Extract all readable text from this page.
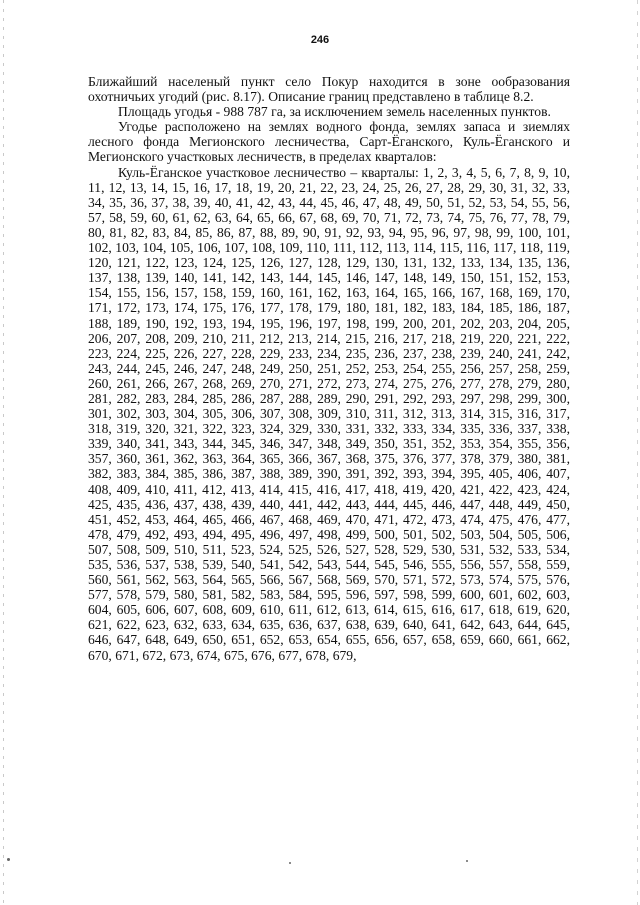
246

Ближайший населеный пункт село Покур находится в зоне ообразования охотничьих угодий (рис. 8.17). Описание границ представлено в таблице 8.2.

Площадь угодья - 988 787 га, за исключением земель населенных пунктов.

Угодье расположено на землях водного фонда, землях запаса и зиемлях лесного фонда Мегионского лесничества, Сарт-Ёганского, Куль-Ёганского и Мегионского участковых лесничеств, в пределах кварталов:

Куль-Ёганское участковое лесничество – кварталы: 1, 2, 3, 4, 5, 6, 7, 8, 9, 10, 11, 12, 13, 14, 15, 16, 17, 18, 19, 20, 21, 22, 23, 24, 25, 26, 27, 28, 29, 30, 31, 32, 33, 34, 35, 36, 37, 38, 39, 40, 41, 42, 43, 44, 45, 46, 47, 48, 49, 50, 51, 52, 53, 54, 55, 56, 57, 58, 59, 60, 61, 62, 63, 64, 65, 66, 67, 68, 69, 70, 71, 72, 73, 74, 75, 76, 77, 78, 79, 80, 81, 82, 83, 84, 85, 86, 87, 88, 89, 90, 91, 92, 93, 94, 95, 96, 97, 98, 99, 100, 101, 102, 103, 104, 105, 106, 107, 108, 109, 110, 111, 112, 113, 114, 115, 116, 117, 118, 119, 120, 121, 122, 123, 124, 125, 126, 127, 128, 129, 130, 131, 132, 133, 134, 135, 136, 137, 138, 139, 140, 141, 142, 143, 144, 145, 146, 147, 148, 149, 150, 151, 152, 153, 154, 155, 156, 157, 158, 159, 160, 161, 162, 163, 164, 165, 166, 167, 168, 169, 170, 171, 172, 173, 174, 175, 176, 177, 178, 179, 180, 181, 182, 183, 184, 185, 186, 187, 188, 189, 190, 192, 193, 194, 195, 196, 197, 198, 199, 200, 201, 202, 203, 204, 205, 206, 207, 208, 209, 210, 211, 212, 213, 214, 215, 216, 217, 218, 219, 220, 221, 222, 223, 224, 225, 226, 227, 228, 229, 233, 234, 235, 236, 237, 238, 239, 240, 241, 242, 243, 244, 245, 246, 247, 248, 249, 250, 251, 252, 253, 254, 255, 256, 257, 258, 259, 260, 261, 266, 267, 268, 269, 270, 271, 272, 273, 274, 275, 276, 277, 278, 279, 280, 281, 282, 283, 284, 285, 286, 287, 288, 289, 290, 291, 292, 293, 297, 298, 299, 300, 301, 302, 303, 304, 305, 306, 307, 308, 309, 310, 311, 312, 313, 314, 315, 316, 317, 318, 319, 320, 321, 322, 323, 324, 329, 330, 331, 332, 333, 334, 335, 336, 337, 338, 339, 340, 341, 343, 344, 345, 346, 347, 348, 349, 350, 351, 352, 353, 354, 355, 356, 357, 360, 361, 362, 363, 364, 365, 366, 367, 368, 375, 376, 377, 378, 379, 380, 381, 382, 383, 384, 385, 386, 387, 388, 389, 390, 391, 392, 393, 394, 395, 405, 406, 407, 408, 409, 410, 411, 412, 413, 414, 415, 416, 417, 418, 419, 420, 421, 422, 423, 424, 425, 435, 436, 437, 438, 439, 440, 441, 442, 443, 444, 445, 446, 447, 448, 449, 450, 451, 452, 453, 464, 465, 466, 467, 468, 469, 470, 471, 472, 473, 474, 475, 476, 477, 478, 479, 492, 493, 494, 495, 496, 497, 498, 499, 500, 501, 502, 503, 504, 505, 506, 507, 508, 509, 510, 511, 523, 524, 525, 526, 527, 528, 529, 530, 531, 532, 533, 534, 535, 536, 537, 538, 539, 540, 541, 542, 543, 544, 545, 546, 555, 556, 557, 558, 559, 560, 561, 562, 563, 564, 565, 566, 567, 568, 569, 570, 571, 572, 573, 574, 575, 576, 577, 578, 579, 580, 581, 582, 583, 584, 595, 596, 597, 598, 599, 600, 601, 602, 603, 604, 605, 606, 607, 608, 609, 610, 611, 612, 613, 614, 615, 616, 617, 618, 619, 620, 621, 622, 623, 632, 633, 634, 635, 636, 637, 638, 639, 640, 641, 642, 643, 644, 645, 646, 647, 648, 649, 650, 651, 652, 653, 654, 655, 656, 657, 658, 659, 660, 661, 662, 670, 671, 672, 673, 674, 675, 676, 677, 678, 679,
